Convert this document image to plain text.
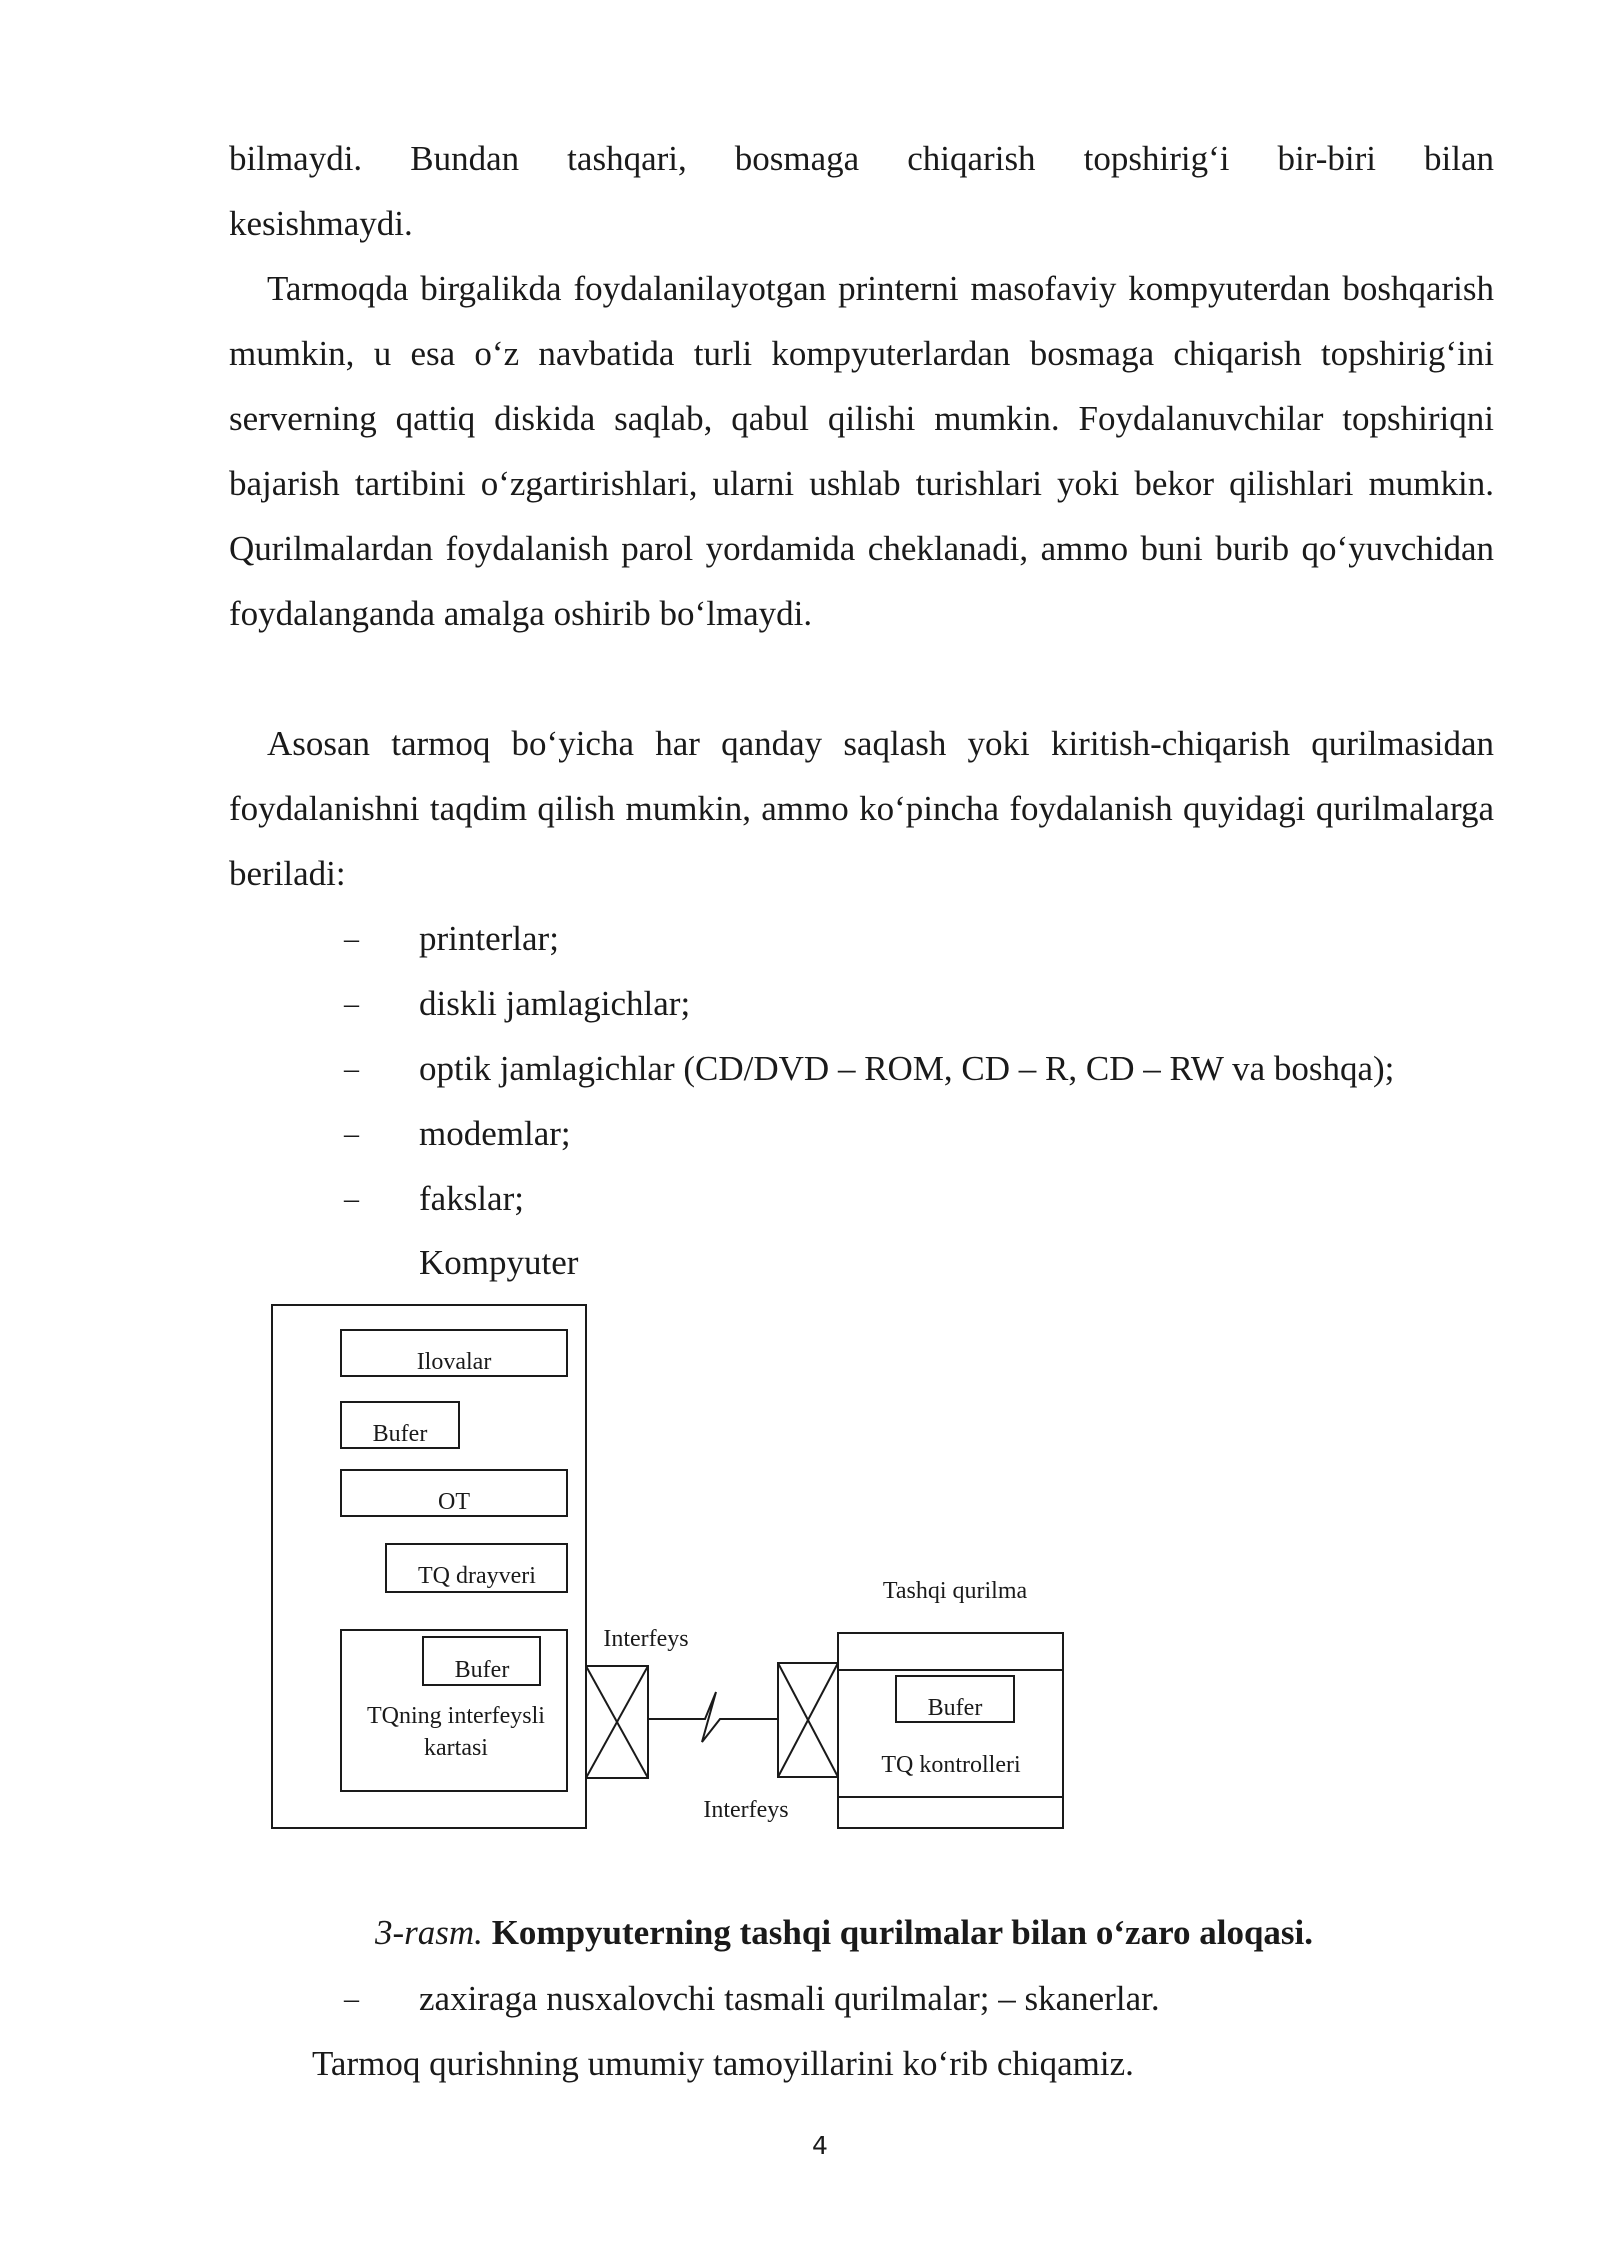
bilmaydi. Bundan tashqari, bosmaga chiqarish topshirig‘i bir-biri bilan

kesishmaydi.

Tarmoqda birgalikda foydalanilayotgan printerni masofaviy kompyuterdan boshqarish mumkin, u esa o‘z navbatida turli kompyuterlardan bosmaga chiqarish topshirig‘ini serverning qattiq diskida saqlab, qabul qilishi mumkin. Foydalanuvchilar topshiriqni bajarish tartibini o‘zgartirishlari, ularni ushlab turishlari yoki bekor qilishlari mumkin. Qurilmalardan foydalanish parol yordamida cheklanadi, ammo buni burib qo‘yuvchidan foydalanganda amalga oshirib bo‘lmaydi.

Asosan tarmoq bo‘yicha har qanday saqlash yoki kiritish-chiqarish qurilmasidan foydalanishni taqdim qilish mumkin, ammo ko‘pincha foydalanish quyidagi qurilmalarga beriladi:

– printerlar;
– diskli jamlagichlar;
– optik jamlagichlar (CD/DVD – ROM, CD – R, CD – RW va boshqa);
– modemlar;
– fakslar;
Kompyuter
Ilovalar
Bufer
OT
TQ drayveri
Bufer
TQning interfeysli
kartasi
Interfeys
Interfeys
Tashqi qurilma
Bufer
TQ kontrolleri
3-rasm. Kompyuterning tashqi qurilmalar bilan o‘zaro aloqasi.
– zaxiraga nusxalovchi tasmali qurilmalar; – skanerlar.
Tarmoq qurishning umumiy tamoyillarini ko‘rib chiqamiz.
4
